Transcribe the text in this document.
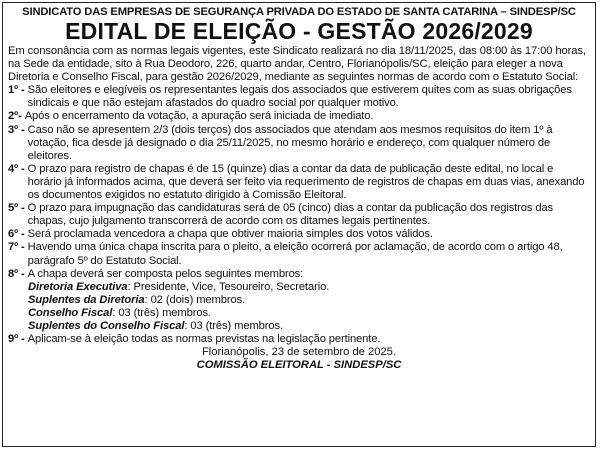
SINDICATO DAS EMPRESAS DE SEGURANÇA PRIVADA DO ESTADO DE SANTA CATARINA – SINDESP/SC
EDITAL DE ELEIÇÃO - GESTÃO 2026/2029
Em consonância com as normas legais vigentes, este Sindicato realizará no dia 18/11/2025, das 08:00 às 17:00 horas, na Sede da entidade, sito à Rua Deodoro, 226, quarto andar, Centro, Florianópolis/SC, eleição para eleger a nova Diretoria e Conselho Fiscal, para gestão 2026/2029, mediante as seguintes normas de acordo com o Estatuto Social:
1º - São eleitores e elegíveis os representantes legais dos associados que estiverem quites com as suas obrigações sindicais e que não estejam afastados do quadro social por qualquer motivo.
2º- Após o encerramento da votação, a apuração será iniciada de imediato.
3º - Caso não se apresentem 2/3 (dois terços) dos associados que atendam aos mesmos requisitos do item 1º à votação, fica desde já designado o dia 25/11/2025, no mesmo horário e endereço, com qualquer número de eleitores.
4º - O prazo para registro de chapas é de 15 (quinze) dias a contar da data de publicação deste edital, no local e horário já informados acima, que deverá ser feito via requerimento de registros de chapas em duas vias, anexando os documentos exigidos no estatuto dirigido à Comissão Eleitoral.
5º - O prazo para impugnação das candidaturas será de 05 (cinco) dias a contar da publicação dos registros das chapas, cujo julgamento transcorrerá de acordo com os ditames legais pertinentes.
6º - Será proclamada vencedora a chapa que obtiver maioria simples dos votos válidos.
7º - Havendo uma única chapa inscrita para o pleito, a eleição ocorrerá por aclamação, de acordo com o artigo 48, parágrafo 5º do Estatuto Social.
8º - A chapa deverá ser composta pelos seguintes membros:
Diretoria Executiva: Presidente, Vice, Tesoureiro, Secretario.
Suplentes da Diretoria: 02 (dois) membros.
Conselho Fiscal: 03 (três) membros.
Suplentes do Conselho Fiscal: 03 (três) membros.
9º - Aplicam-se à eleição todas as normas previstas na legislação pertinente.
Florianópolis, 23 de setembro de 2025.
COMISSÃO ELEITORAL - SINDESP/SC
